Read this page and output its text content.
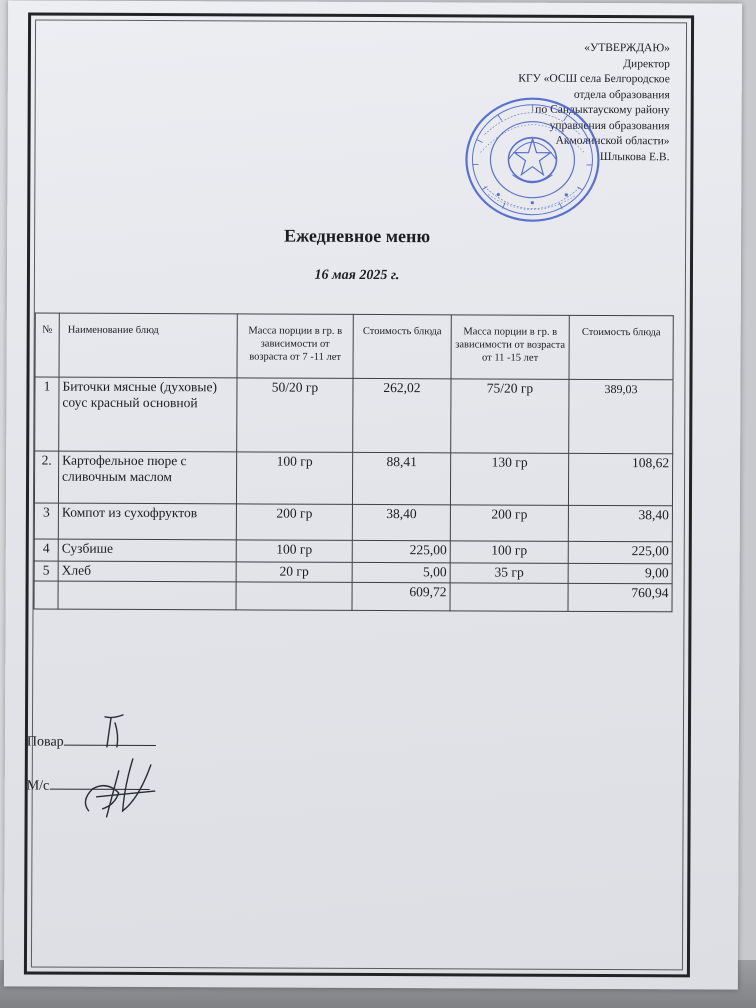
«УТВЕРЖДАЮ»
Директор
КГУ «ОСШ села Белгородское
отдела образования
по Сандыктаускому району
управления образования
Акмолинской области»
Шлыкова Е.В.
Ежедневное меню
16 мая 2025 г.
№	Наименование блюд	Масса порции в гр. в зависимости от возраста от 7 -11 лет	Стоимость блюда	Масса порции в гр. в зависимости от возраста от 11 -15 лет	Стоимость блюда
1	Биточки мясные (духовые) соус красный основной	50/20 гр	262,02	75/20 гр	389,03
2.	Картофельное пюре с сливочным маслом	100 гр	88,41	130 гр	108,62
3	Компот из сухофруктов	200 гр	38,40	200 гр	38,40
4	Сузбише	100 гр	225,00	100 гр	225,00
5	Хлеб	20 гр	5,00	35 гр	9,00
			609,72		760,94
Повар
М/с
